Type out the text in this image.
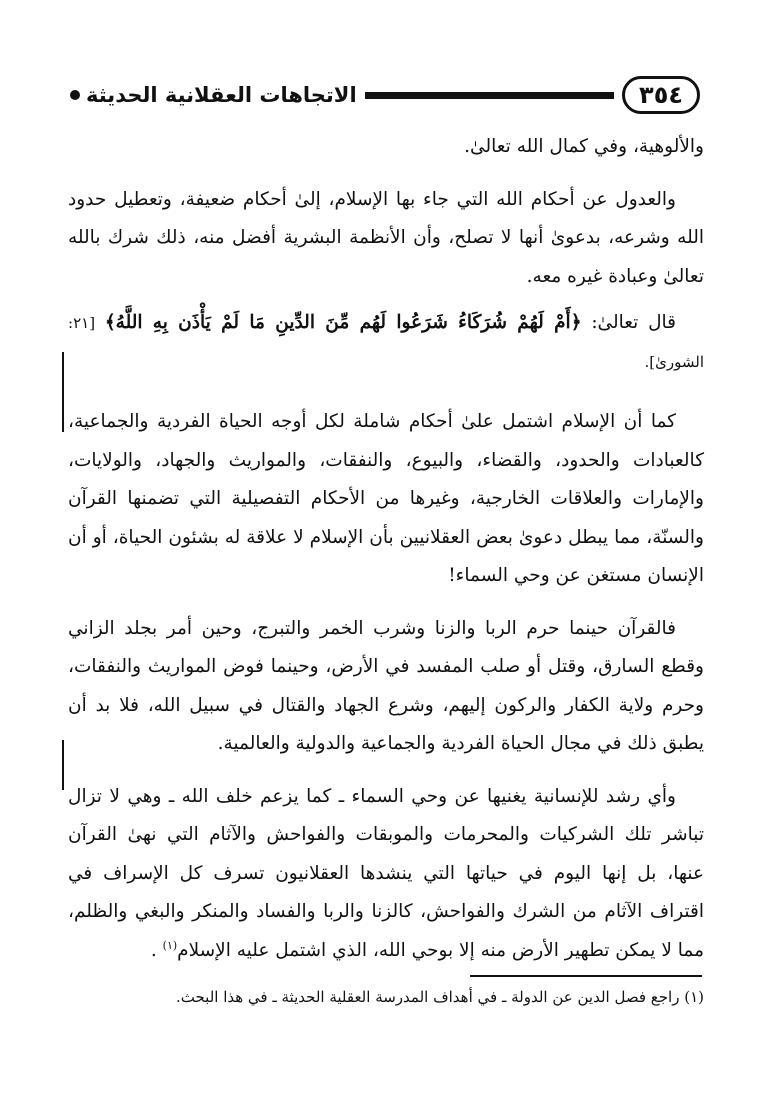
الاتجاهات العقلانية الحديثة	٣٥٤

والألوهية، وفي كمال الله تعالىٰ.

والعدول عن أحكام الله التي جاء بها الإسلام، إلىٰ أحكام ضعيفة، وتعطيل حدود الله وشرعه، بدعوىٰ أنها لا تصلح، وأن الأنظمة البشرية أفضل منه، ذلك شرك بالله تعالىٰ وعبادة غيره معه.

قال تعالىٰ: ﴿أَمْ لَهُمْ شُرَكَاءُ شَرَعُوا لَهُم مِّنَ الدِّينِ مَا لَمْ يَأْذَن بِهِ اللَّهُ﴾ [٢١: الشورىٰ].

كما أن الإسلام اشتمل علىٰ أحكام شاملة لكل أوجه الحياة الفردية والجماعية، كالعبادات والحدود، والقضاء، والبيوع، والنفقات، والمواريث والجهاد، والولايات، والإمارات والعلاقات الخارجية، وغيرها من الأحكام التفصيلية التي تضمنها القرآن والسنّة، مما يبطل دعوىٰ بعض العقلانيين بأن الإسلام لا علاقة له بشئون الحياة، أو أن الإنسان مستغن عن وحي السماء!

فالقرآن حينما حرم الربا والزنا وشرب الخمر والتبرج، وحين أمر بجلد الزاني وقطع السارق، وقتل أو صلب المفسد في الأرض، وحينما فوض المواريث والنفقات، وحرم ولاية الكفار والركون إليهم، وشرع الجهاد والقتال في سبيل الله، فلا بد أن يطبق ذلك في مجال الحياة الفردية والجماعية والدولية والعالمية.

وأي رشد للإنسانية يغنيها عن وحي السماء ـ كما يزعم خلف الله ـ وهي لا تزال تباشر تلك الشركيات والمحرمات والموبقات والفواحش والآثام التي نهىٰ القرآن عنها، بل إنها اليوم في حياتها التي ينشدها العقلانيون تسرف كل الإسراف في اقتراف الآثام من الشرك والفواحش، كالزنا والربا والفساد والمنكر والبغي والظلم، مما لا يمكن تطهير الأرض منه إلا بوحي الله، الذي اشتمل عليه الإسلام$^{(١)}$ .

(١) راجع فصل الدين عن الدولة ـ في أهداف المدرسة العقلية الحديثة ـ في هذا البحث.
